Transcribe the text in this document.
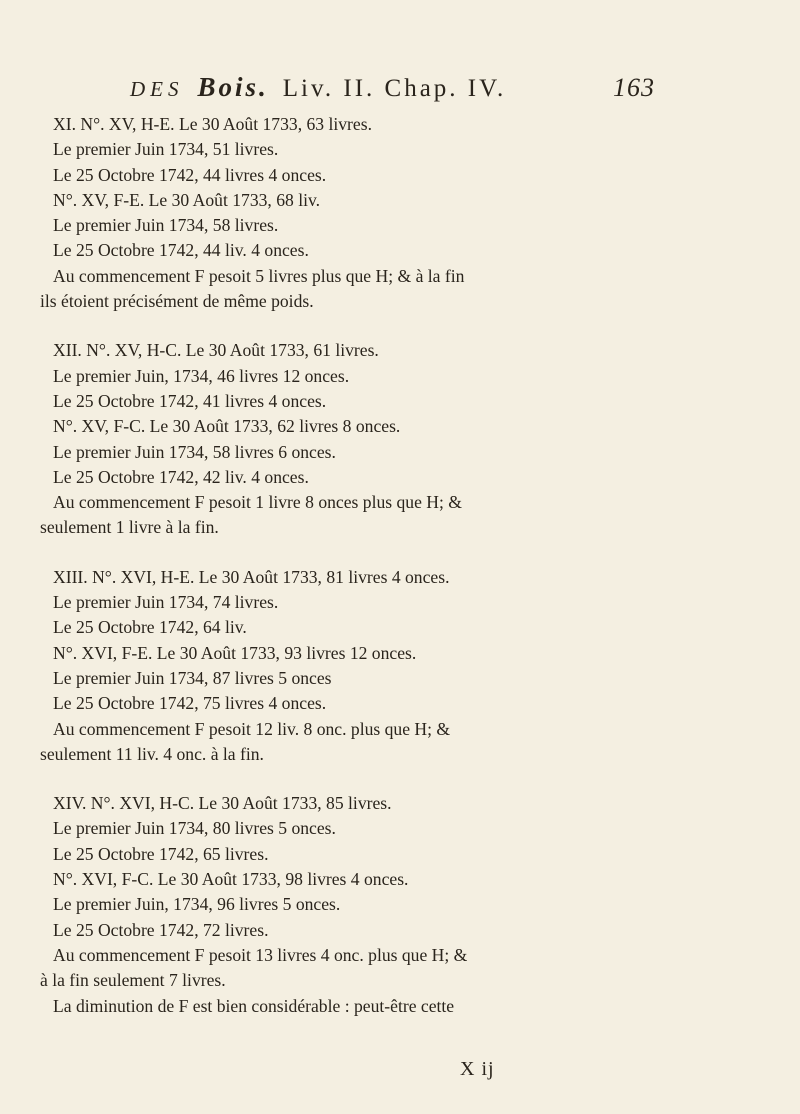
DES Bois. Liv. II. Chap. IV.	163

XI. N°. XV, H-E. Le 30 Août 1733, 63 livres.

Le premier Juin 1734, 51 livres.

Le 25 Octobre 1742, 44 livres 4 onces.

N°. XV, F-E. Le 30 Août 1733, 68 liv.

Le premier Juin 1734, 58 livres.

Le 25 Octobre 1742, 44 liv. 4 onces.

Au commencement F pesoit 5 livres plus que H; & à la fin

ils étoient précisément de même poids.

XII. N°. XV, H-C. Le 30 Août 1733, 61 livres.

Le premier Juin, 1734, 46 livres 12 onces.

Le 25 Octobre 1742, 41 livres 4 onces.

N°. XV, F-C. Le 30 Août 1733, 62 livres 8 onces.

Le premier Juin 1734, 58 livres 6 onces.

Le 25 Octobre 1742, 42 liv. 4 onces.

Au commencement F pesoit 1 livre 8 onces plus que H; &

seulement 1 livre à la fin.

XIII. N°. XVI, H-E. Le 30 Août 1733, 81 livres 4 onces.

Le premier Juin 1734, 74 livres.

Le 25 Octobre 1742, 64 liv.

N°. XVI, F-E. Le 30 Août 1733, 93 livres 12 onces.

Le premier Juin 1734, 87 livres 5 onces

Le 25 Octobre 1742, 75 livres 4 onces.

Au commencement F pesoit 12 liv. 8 onc. plus que H; &

seulement 11 liv. 4 onc. à la fin.

XIV. N°. XVI, H-C. Le 30 Août 1733, 85 livres.

Le premier Juin 1734, 80 livres 5 onces.

Le 25 Octobre 1742, 65 livres.

N°. XVI, F-C. Le 30 Août 1733, 98 livres 4 onces.

Le premier Juin, 1734, 96 livres 5 onces.

Le 25 Octobre 1742, 72 livres.

Au commencement F pesoit 13 livres 4 onc. plus que H; &

à la fin seulement 7 livres.

La diminution de F est bien considérable : peut-être cette

X ij
